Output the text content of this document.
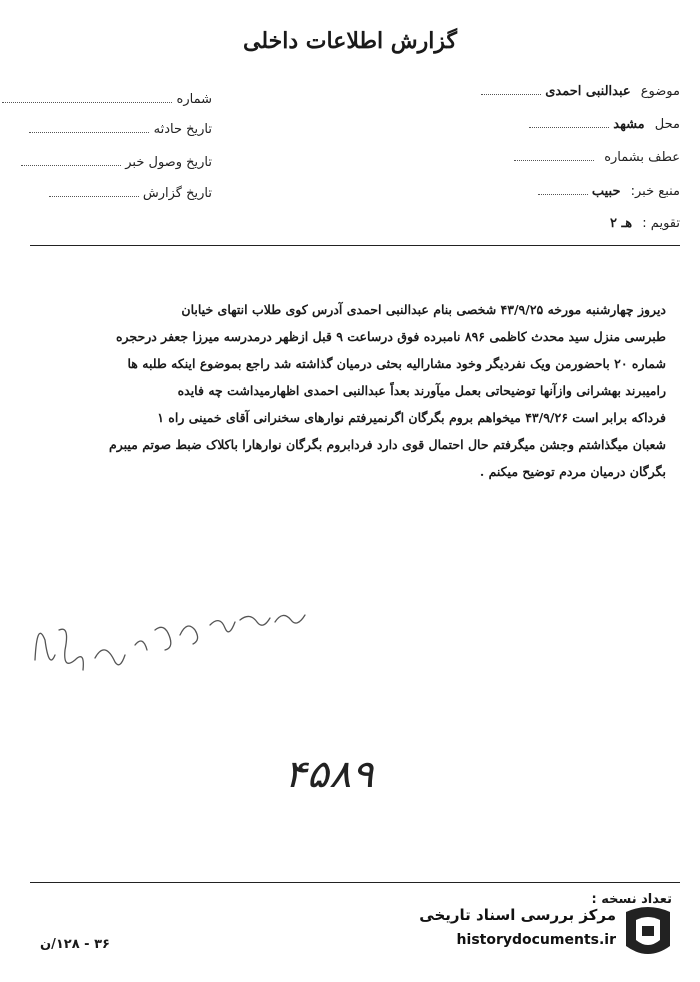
گزارش اطلاعات داخلی
موضوع عبدالنبی احمدی
محل مشهد
عطف بشماره
منبع خبر: حبیب
تقویم : هـ ۲
شماره
تاریخ حادثه
تاریخ وصول خبر
تاریخ گزارش
دیروز چهارشنبه مورخه ۴۳/۹/۲۵ شخصی بنام عبدالنبی احمدی آدرس کوی طلاب انتهای خیابان
طبرسی منزل سید محدث کاظمی ۸۹۶ نامبرده فوق درساعت ۹ قبل ازظهر درمدرسه میرزا جعفر درحجره
شماره ۲۰ باحضورمن ویک نفردیگر وخود مشارالیه بحثی درمیان گذاشته شد راجع بموضوع اینکه طلبه ها
رامیبرند بهشرانی وازآنها توضیحاتی بعمل میآورند بعداً عبدالنبی احمدی اظهارمیداشت چه فایده
فرداکه برابر است ۴۳/۹/۲۶ میخواهم بروم بگرگان اگرنمیرفتم نوارهای سخنرانی آقای خمینی راه ۱
شعبان میگذاشتم وجشن میگرفتم حال احتمال قوی دارد فردابروم بگرگان نوارهارا باکلاک ضبط صوتم میبرم
بگرگان درمیان مردم توضیح میکنم .
۴۵۸۹
تعداد نسخه :
۳۶ - ۱۲۸/ن
مرکز بررسی اسناد تاریخی
historydocuments.ir
